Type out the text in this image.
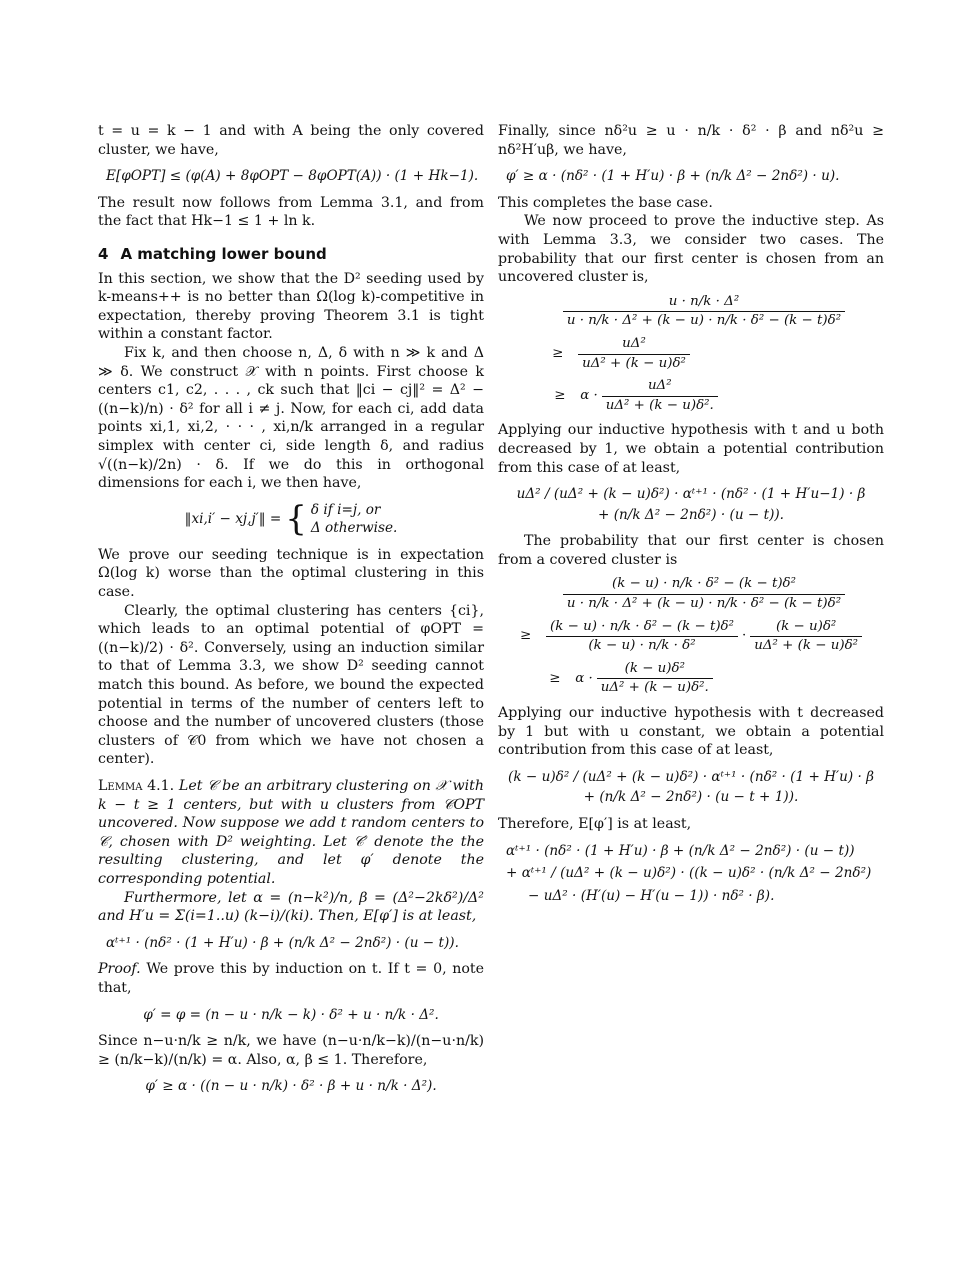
t = u = k − 1 and with A being the only covered cluster, we have,

E[φOPT] ≤ (φ(A) + 8φOPT − 8φOPT(A)) · (1 + Hk−1).

The result now follows from Lemma 3.1, and from the fact that Hk−1 ≤ 1 + ln k.

4 A matching lower bound

In this section, we show that the D² seeding used by k-means++ is no better than Ω(log k)-competitive in expectation, thereby proving Theorem 3.1 is tight within a constant factor.

Fix k, and then choose n, Δ, δ with n ≫ k and Δ ≫ δ. We construct 𝒳 with n points. First choose k centers c1, c2, . . . , ck such that ‖ci − cj‖² = Δ² − ((n−k)/n) · δ² for all i ≠ j. Now, for each ci, add data points xi,1, xi,2, · · · , xi,n/k arranged in a regular simplex with center ci, side length δ, and radius √((n−k)/2n) · δ. If we do this in orthogonal dimensions for each i, we then have,

‖xi,i′ − xj,j′‖ = { δ if i=j, or
Δ otherwise.

We prove our seeding technique is in expectation Ω(log k) worse than the optimal clustering in this case.

Clearly, the optimal clustering has centers {ci}, which leads to an optimal potential of φOPT = ((n−k)/2) · δ². Conversely, using an induction similar to that of Lemma 3.3, we show D² seeding cannot match this bound. As before, we bound the expected potential in terms of the number of centers left to choose and the number of uncovered clusters (those clusters of 𝒞0 from which we have not chosen a center).

Lemma 4.1. Let 𝒞 be an arbitrary clustering on 𝒳 with k − t ≥ 1 centers, but with u clusters from 𝒞OPT uncovered. Now suppose we add t random centers to 𝒞, chosen with D² weighting. Let 𝒞′ denote the the resulting clustering, and let φ′ denote the corresponding potential.

Furthermore, let α = (n−k²)/n, β = (Δ²−2kδ²)/Δ² and H′u = Σ(i=1..u) (k−i)/(ki). Then, E[φ′] is at least,

αᵗ⁺¹ · (nδ² · (1 + H′u) · β + (n/k Δ² − 2nδ²) · (u − t)).

Proof. We prove this by induction on t. If t = 0, note that,

φ′ = φ = (n − u · n/k − k) · δ² + u · n/k · Δ².

Since n−u·n/k ≥ n/k, we have (n−u·n/k−k)/(n−u·n/k) ≥ (n/k−k)/(n/k) = α. Also, α, β ≤ 1. Therefore,

φ′ ≥ α · ((n − u · n/k) · δ² · β + u · n/k · Δ²).

Finally, since nδ²u ≥ u · n/k · δ² · β and nδ²u ≥ nδ²H′uβ, we have,

φ′ ≥ α · (nδ² · (1 + H′u) · β + (n/k Δ² − 2nδ²) · u).

This completes the base case.

We now proceed to prove the inductive step. As with Lemma 3.3, we consider two cases. The probability that our first center is chosen from an uncovered cluster is,

$\frac{\text{u · n/k · Δ²}}{\text{u · n/k · Δ² + (k − u) · n/k · δ² − (k − t)δ²}}$
≥	$\frac{\text{uΔ²}}{\text{uΔ² + (k − u)δ²}}$
≥	$\alpha \cdot \frac{\text{uΔ²}}{\text{uΔ² + (k − u)δ².}}$

Applying our inductive hypothesis with t and u both decreased by 1, we obtain a potential contribution from this case of at least,

uΔ² / (uΔ² + (k − u)δ²) · αᵗ⁺¹ · (nδ² · (1 + H′u−1) · β
+ (n/k Δ² − 2nδ²) · (u − t)).

The probability that our first center is chosen from a covered cluster is

$\frac{\text{(k − u) · n/k · δ² − (k − t)δ²}}{\text{u · n/k · Δ² + (k − u) · n/k · δ² − (k − t)δ²}}$
≥	$\frac{\text{(k − u) · n/k · δ² − (k − t)δ²}}{\text{(k − u) · n/k · δ²}} \cdot \frac{\text{(k − u)δ²}}{\text{uΔ² + (k − u)δ²}}$
≥	$\alpha \cdot \frac{\text{(k − u)δ²}}{\text{uΔ² + (k − u)δ².}}$

Applying our inductive hypothesis with t decreased by 1 but with u constant, we obtain a potential contribution from this case of at least,

(k − u)δ² / (uΔ² + (k − u)δ²) · αᵗ⁺¹ · (nδ² · (1 + H′u) · β
+ (n/k Δ² − 2nδ²) · (u − t + 1)).

Therefore, E[φ′] is at least,

αᵗ⁺¹ · (nδ² · (1 + H′u) · β + (n/k Δ² − 2nδ²) · (u − t))
+ αᵗ⁺¹ / (uΔ² + (k − u)δ²) · ((k − u)δ² · (n/k Δ² − 2nδ²)
− uΔ² · (H′(u) − H′(u − 1)) · nδ² · β).
